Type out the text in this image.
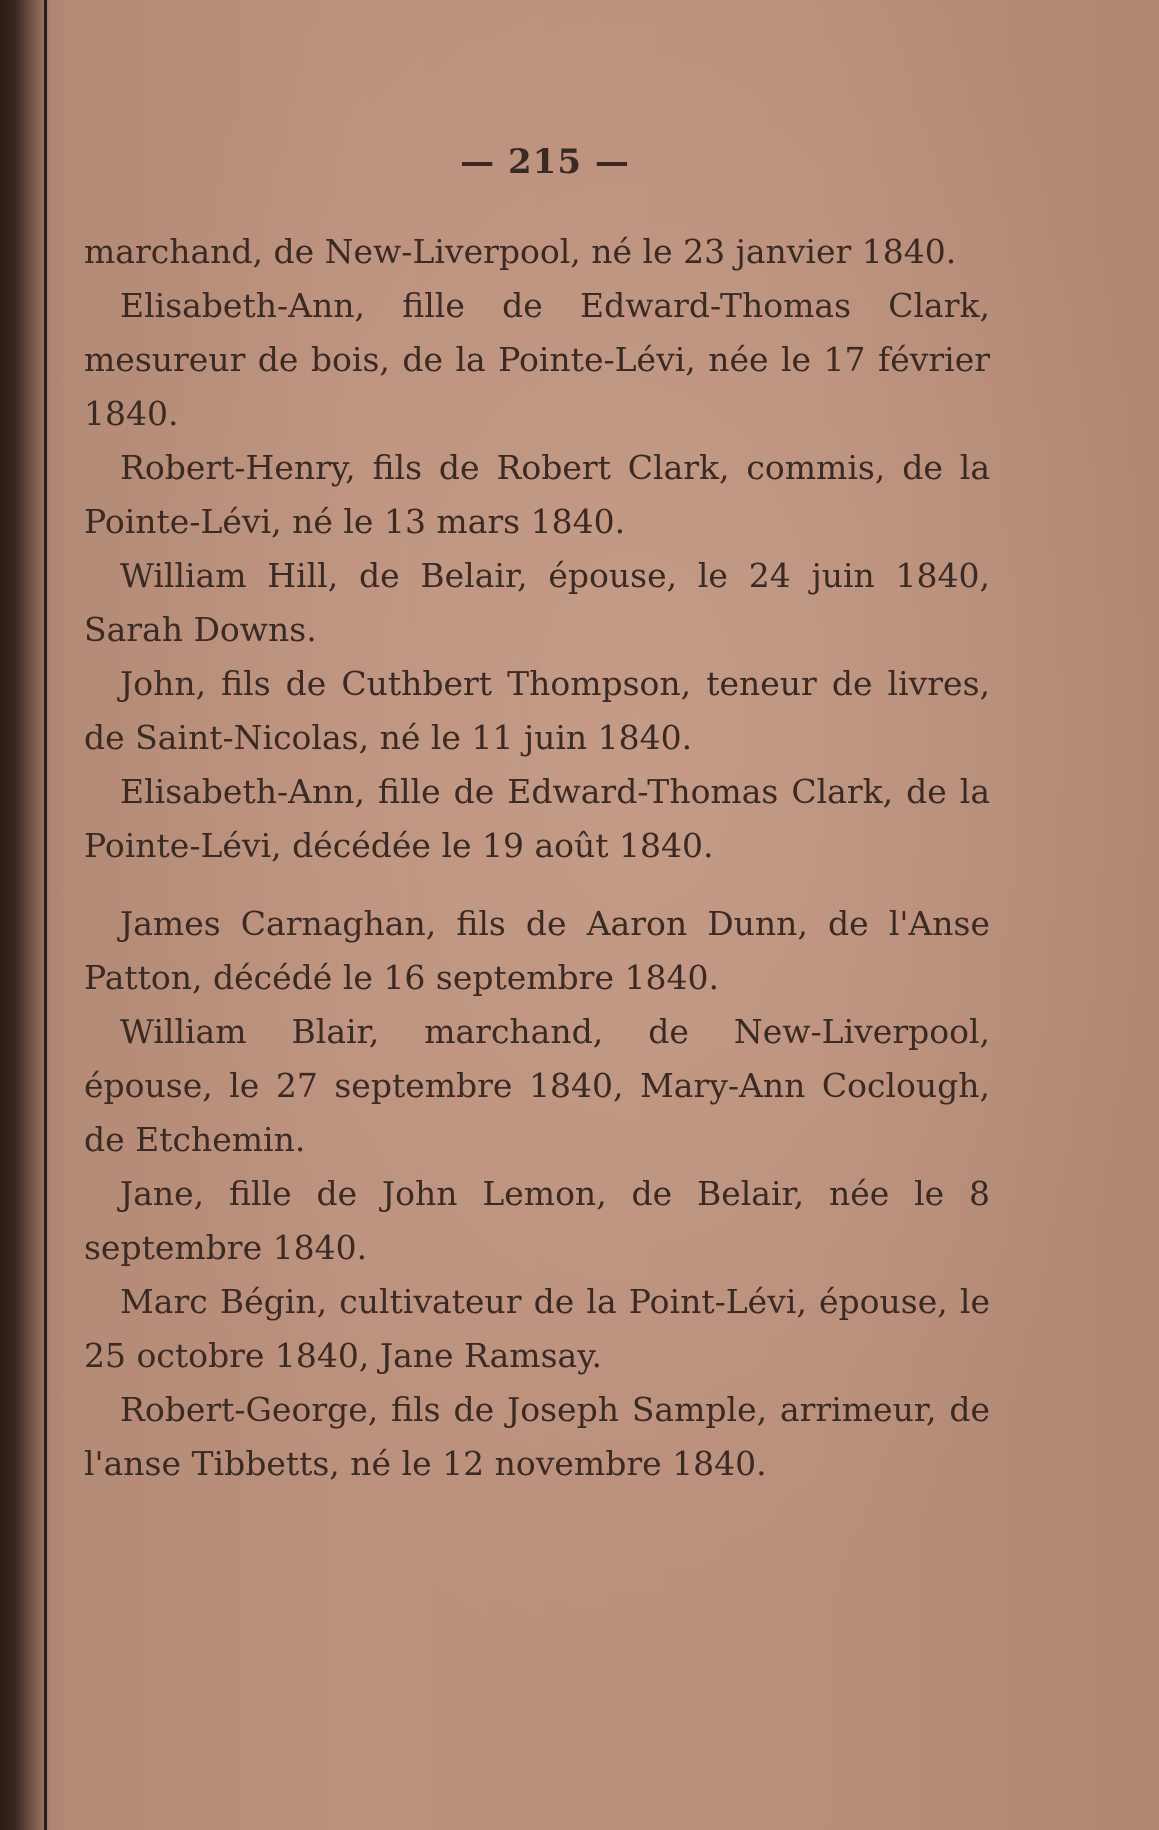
— 215 —

marchand, de New-Liverpool, né le 23 janvier 1840.

Elisabeth-Ann, fille de Edward-Thomas Clark, mesureur de bois, de la Pointe-Lévi, née le 17 février 1840.

Robert-Henry, fils de Robert Clark, commis, de la Pointe-Lévi, né le 13 mars 1840.

William Hill, de Belair, épouse, le 24 juin 1840, Sarah Downs.

John, fils de Cuthbert Thompson, teneur de livres, de Saint-Nicolas, né le 11 juin 1840.

Elisabeth-Ann, fille de Edward-Thomas Clark, de la Pointe-Lévi, décédée le 19 août 1840.

James Carnaghan, fils de Aaron Dunn, de l'Anse Patton, décédé le 16 septembre 1840.

William Blair, marchand, de New-Liverpool, épouse, le 27 septembre 1840, Mary-Ann Coclough, de Etchemin.

Jane, fille de John Lemon, de Belair, née le 8 septembre 1840.

Marc Bégin, cultivateur de la Point-Lévi, épouse, le 25 octobre 1840, Jane Ramsay.

Robert-George, fils de Joseph Sample, arrimeur, de l'anse Tibbetts, né le 12 novembre 1840.
